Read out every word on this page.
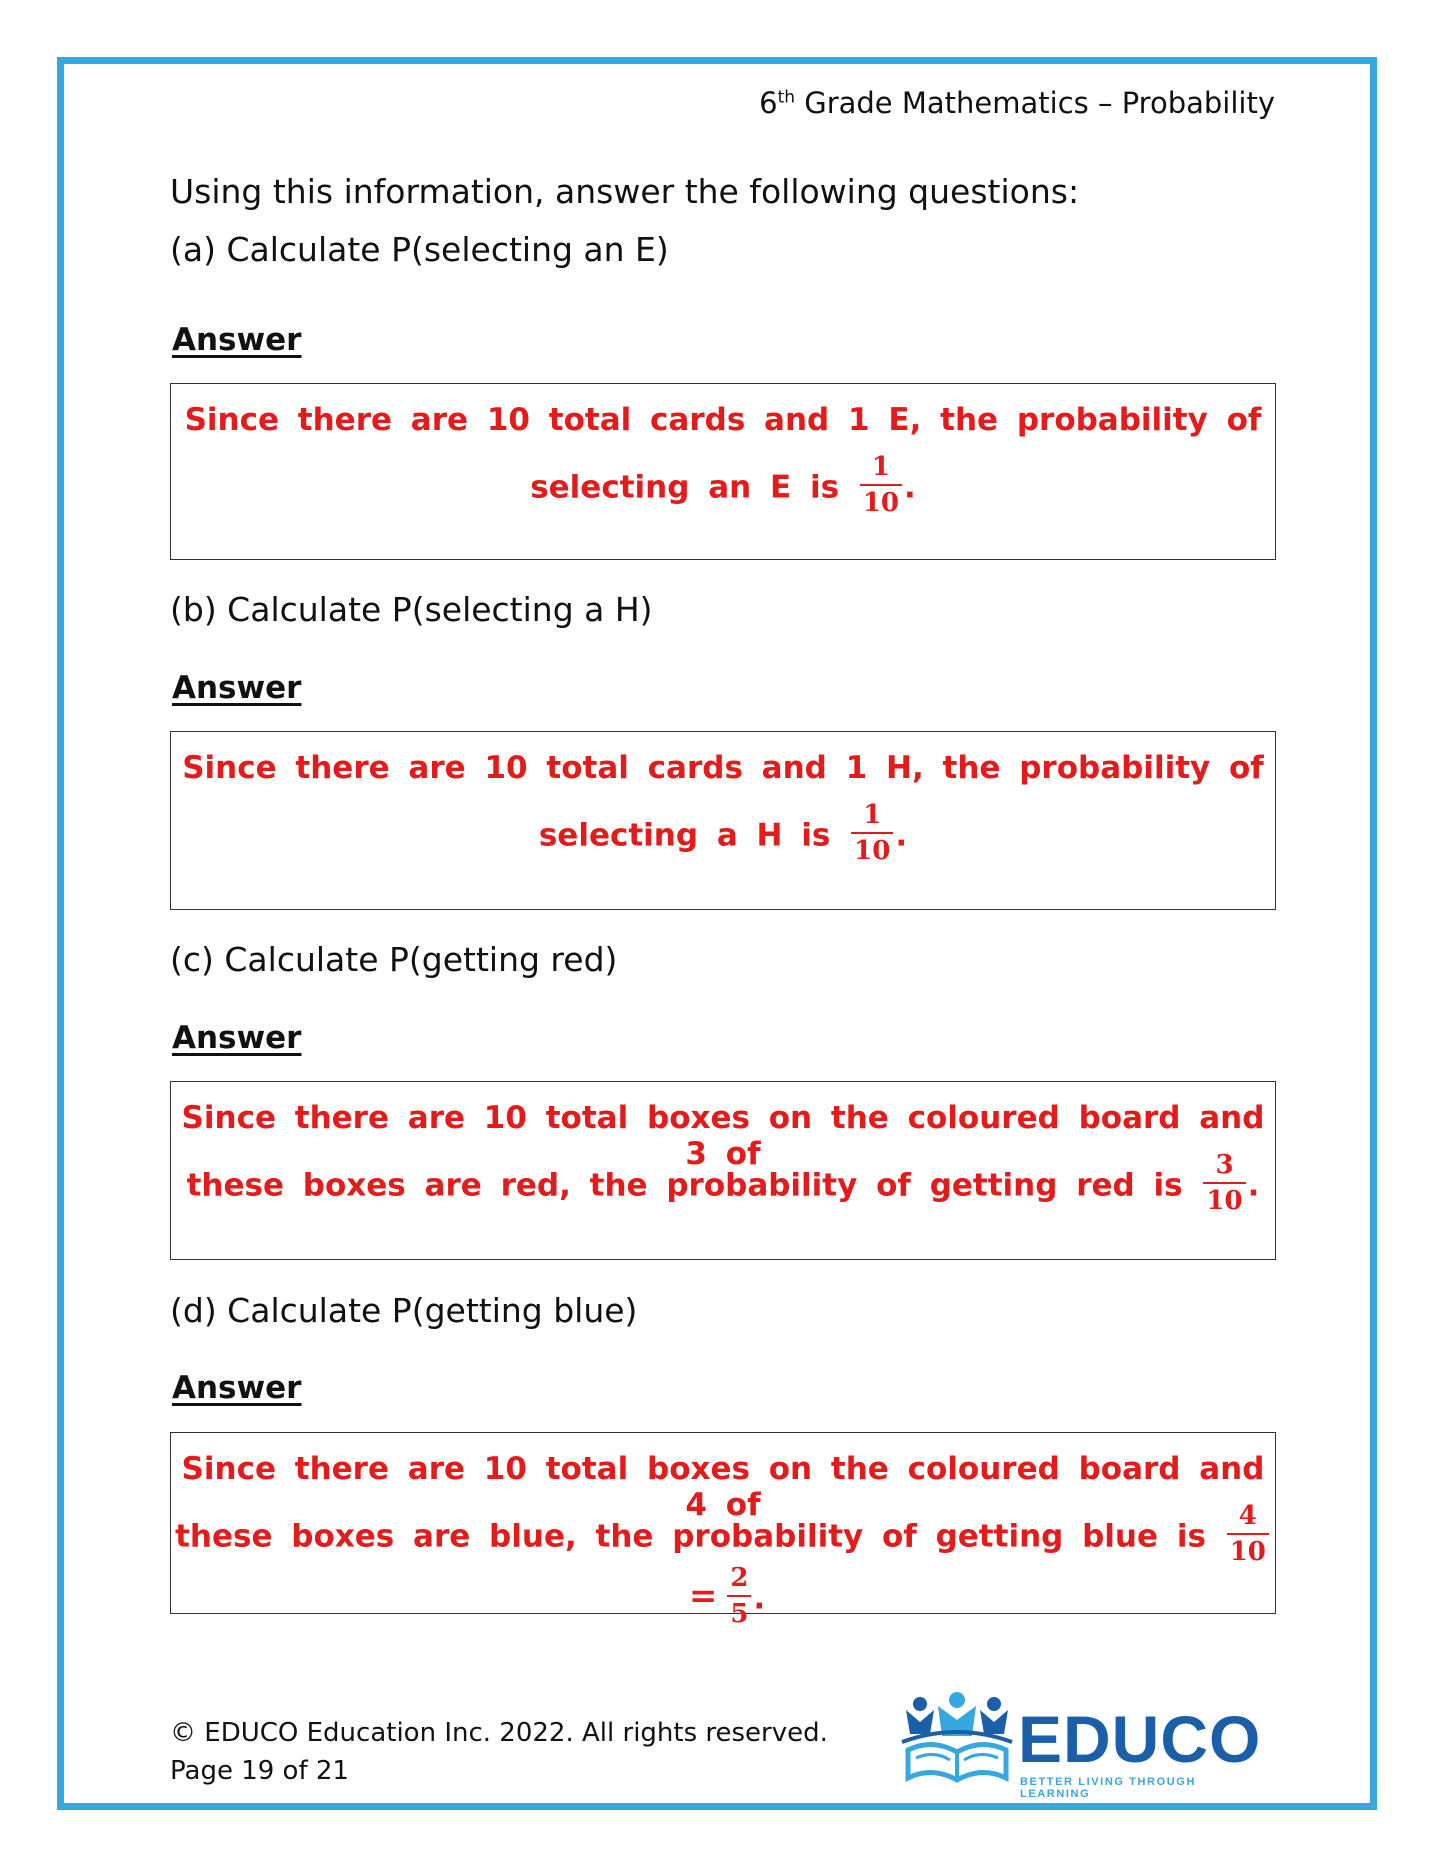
6th Grade Mathematics – Probability
Using this information, answer the following questions:
(a) Calculate P(selecting an E)
Answer
Since there are 10 total cards and 1 E, the probability of
selecting an E is $\frac{1}{10}$ .
(b) Calculate P(selecting a H)
Answer
Since there are 10 total cards and 1 H, the probability of
selecting a H is $\frac{1}{10}$ .
(c) Calculate P(getting red)
Answer
Since there are 10 total boxes on the coloured board and 3 of
these boxes are red, the probability of getting red is $\frac{3}{10}$ .
(d) Calculate P(getting blue)
Answer
Since there are 10 total boxes on the coloured board and 4 of
these boxes are blue, the probability of getting blue is $\frac{4}{10}$
= $\frac{2}{5}$ .
© EDUCO Education Inc. 2022. All rights reserved.
Page 19 of 21	EDUCO
BETTER LIVING THROUGH LEARNING
